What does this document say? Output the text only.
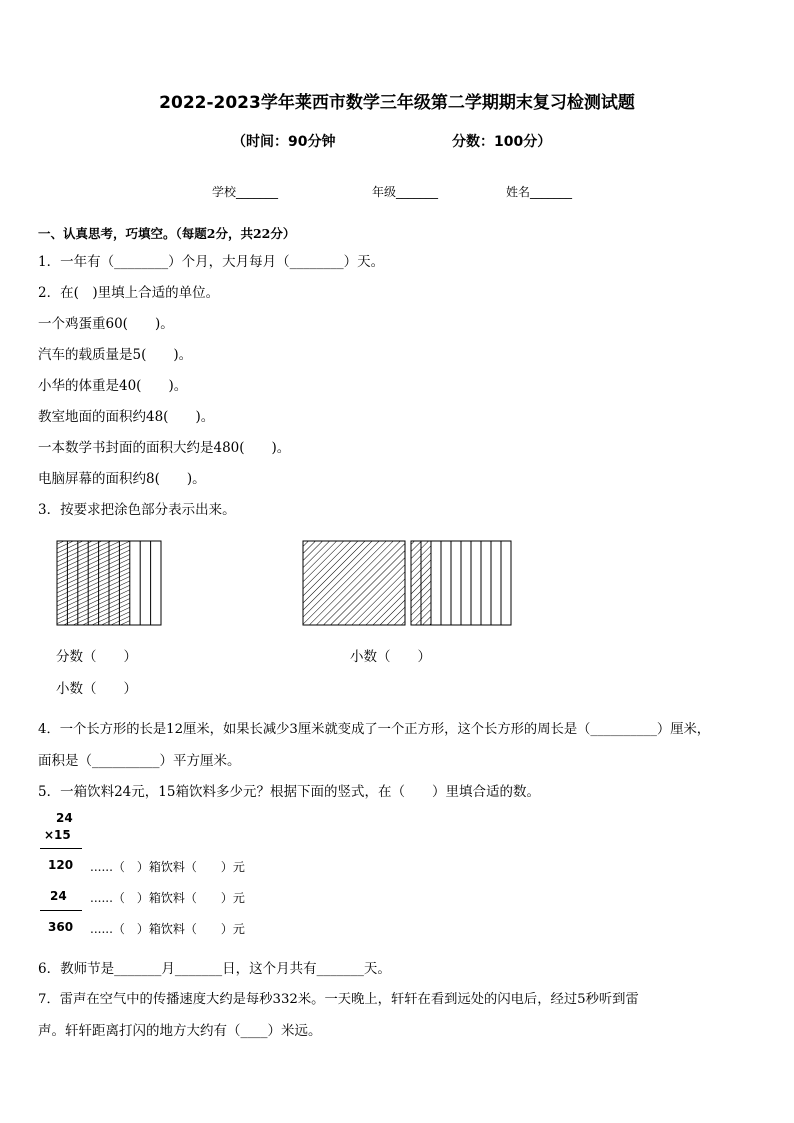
2022-2023学年莱西市数学三年级第二学期期末复习检测试题
（时间：90分钟	分数：100分）
学校_______	年级_______	姓名_______
一、认真思考，巧填空。（每题2分，共22分）
1．一年有（________）个月，大月每月（________）天。
2．在(　)里填上合适的单位。
一个鸡蛋重60(　　)。
汽车的载质量是5(　　)。
小华的体重是40(　　)。
教室地面的面积约48(　　)。
一本数学书封面的面积大约是480(　　)。
电脑屏幕的面积约8(　　)。
3．按要求把涂色部分表示出来。
分数（　　）	小数（　　）
小数（　　）
4．一个长方形的长是12厘米，如果长减少3厘米就变成了一个正方形，这个长方形的周长是（__________）厘米，
面积是（__________）平方厘米。
5．一箱饮料24元，15箱饮料多少元？根据下面的竖式，在（　　）里填合适的数。
24
×15
120 ......（　）箱饮料（　　）元
24 ......（　）箱饮料（　　）元
360 ......（　）箱饮料（　　）元
6．教师节是_______月_______日，这个月共有_______天。
7．雷声在空气中的传播速度大约是每秒332米。一天晚上，轩轩在看到远处的闪电后，经过5秒听到雷
声。轩轩距离打闪的地方大约有（____）米远。
